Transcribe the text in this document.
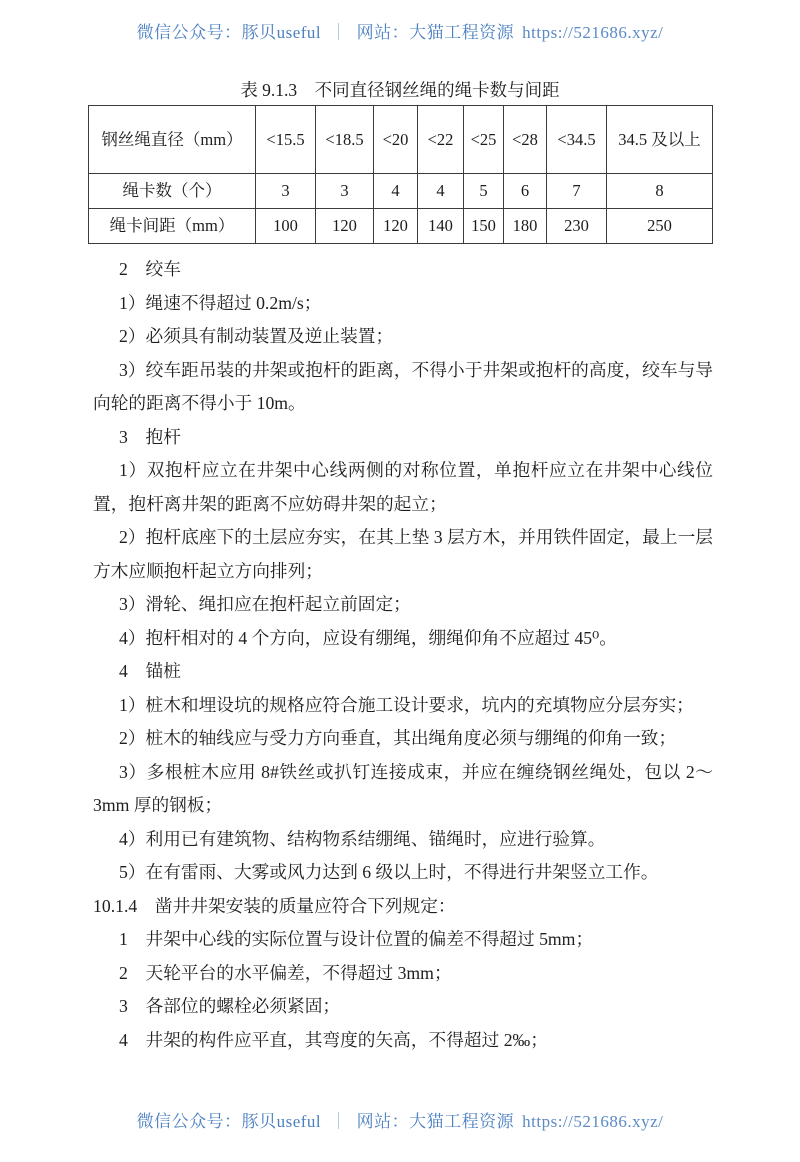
微信公众号：豚贝useful ｜ 网站：大猫工程资源 https://521686.xyz/
表 9.1.3　不同直径钢丝绳的绳卡数与间距
钢丝绳直径（mm）	<15.5	<18.5	<20	<22	<25	<28	<34.5	34.5 及以上
绳卡数（个）	3	3	4	4	5	6	7	8
绳卡间距（mm）	100	120	120	140	150	180	230	250

2　绞车

1）绳速不得超过 0.2m/s；

2）必须具有制动装置及逆止装置；

3）绞车距吊装的井架或抱杆的距离，不得小于井架或抱杆的高度，绞车与导向轮的距离不得小于 10m。

3　抱杆

1）双抱杆应立在井架中心线两侧的对称位置，单抱杆应立在井架中心线位置，抱杆离井架的距离不应妨碍井架的起立；

2）抱杆底座下的土层应夯实，在其上垫 3 层方木，并用铁件固定，最上一层方木应顺抱杆起立方向排列；

3）滑轮、绳扣应在抱杆起立前固定；

4）抱杆相对的 4 个方向，应设有绷绳，绷绳仰角不应超过 45⁰。

4　锚桩

1）桩木和埋设坑的规格应符合施工设计要求，坑内的充填物应分层夯实；

2）桩木的轴线应与受力方向垂直，其出绳角度必须与绷绳的仰角一致；

3）多根桩木应用 8#铁丝或扒钉连接成束，并应在缠绕钢丝绳处，包以 2～3mm 厚的钢板；

4）利用已有建筑物、结构物系结绷绳、锚绳时，应进行验算。

5）在有雷雨、大雾或风力达到 6 级以上时，不得进行井架竖立工作。

10.1.4　凿井井架安装的质量应符合下列规定：

1　井架中心线的实际位置与设计位置的偏差不得超过 5mm；

2　天轮平台的水平偏差，不得超过 3mm；

3　各部位的螺栓必须紧固；

4　井架的构件应平直，其弯度的矢高，不得超过 2‰；

微信公众号：豚贝useful ｜ 网站：大猫工程资源 https://521686.xyz/
